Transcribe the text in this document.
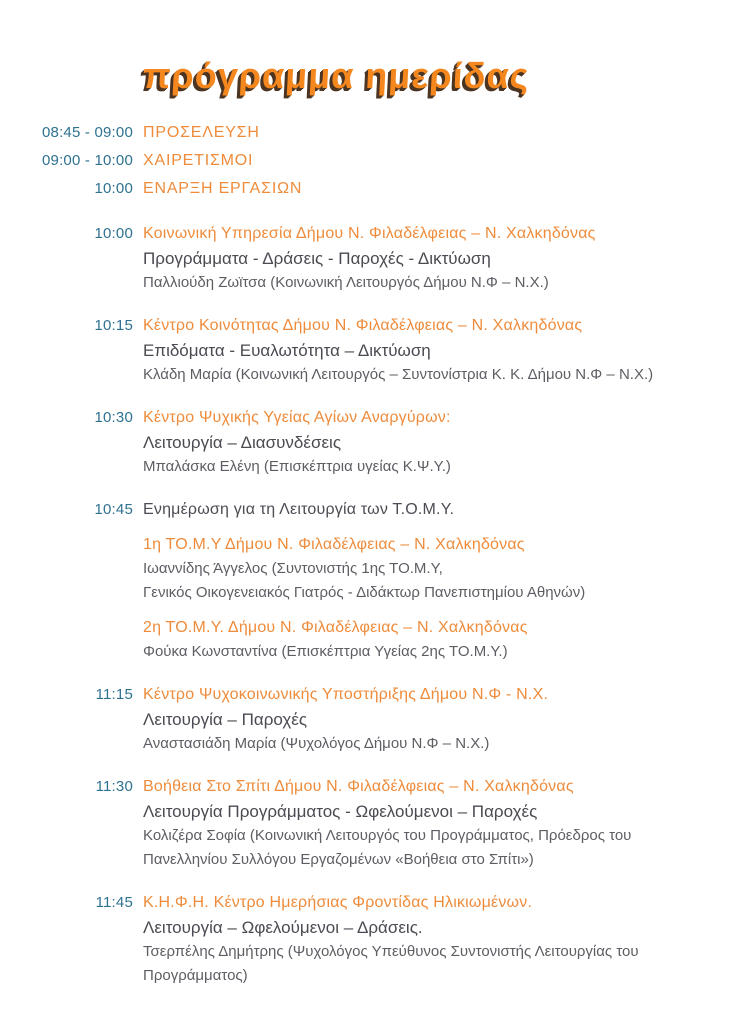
πρόγραμμα ημερίδας
08:45 - 09:00 ΠΡΟΣΕΛΕΥΣΗ
09:00 - 10:00 ΧΑΙΡΕΤΙΣΜΟΙ
10:00 ΕΝΑΡΞΗ ΕΡΓΑΣΙΩΝ
10:00 Κοινωνική Υπηρεσία Δήμου Ν. Φιλαδέλφειας – Ν. Χαλκηδόνας
Προγράμματα - Δράσεις - Παροχές - Δικτύωση
Παλλιούδη Ζωϊτσα (Κοινωνική Λειτουργός Δήμου Ν.Φ – Ν.Χ.)
10:15 Κέντρο Κοινότητας Δήμου Ν. Φιλαδέλφειας – Ν. Χαλκηδόνας
Επιδόματα - Ευαλωτότητα – Δικτύωση
Κλάδη Μαρία (Κοινωνική Λειτουργός – Συντονίστρια Κ. Κ. Δήμου Ν.Φ – Ν.Χ.)
10:30 Κέντρο Ψυχικής Υγείας Αγίων Αναργύρων:
Λειτουργία – Διασυνδέσεις
Μπαλάσκα Ελένη (Επισκέπτρια υγείας Κ.Ψ.Υ.)
10:45 Ενημέρωση για τη Λειτουργία των Τ.Ο.Μ.Υ.
1η ΤΟ.Μ.Υ Δήμου Ν. Φιλαδέλφειας – Ν. Χαλκηδόνας
Ιωαννίδης Άγγελος (Συντονιστής 1ης ΤΟ.Μ.Υ,
Γενικός Οικογενειακός Γιατρός - Διδάκτωρ Πανεπιστημίου Αθηνών)
2η ΤΟ.Μ.Υ. Δήμου Ν. Φιλαδέλφειας – Ν. Χαλκηδόνας
Φούκα Κωνσταντίνα (Επισκέπτρια Υγείας 2ης ΤΟ.Μ.Υ.)
11:15 Κέντρο Ψυχοκοινωνικής Υποστήριξης Δήμου Ν.Φ - Ν.Χ.
Λειτουργία – Παροχές
Αναστασιάδη Μαρία (Ψυχολόγος Δήμου Ν.Φ – Ν.Χ.)
11:30 Βοήθεια Στο Σπίτι Δήμου Ν. Φιλαδέλφειας – Ν. Χαλκηδόνας
Λειτουργία Προγράμματος - Ωφελούμενοι – Παροχές
Κολιζέρα Σοφία (Κοινωνική Λειτουργός του Προγράμματος, Πρόεδρος του
Πανελληνίου Συλλόγου Εργαζομένων «Βοήθεια στο Σπίτι»)
11:45 Κ.Η.Φ.Η. Κέντρο Ημερήσιας Φροντίδας Ηλικιωμένων.
Λειτουργία – Ωφελούμενοι – Δράσεις.
Τσερπέλης Δημήτρης (Ψυχολόγος Υπεύθυνος Συντονιστής Λειτουργίας του
Προγράμματος)
